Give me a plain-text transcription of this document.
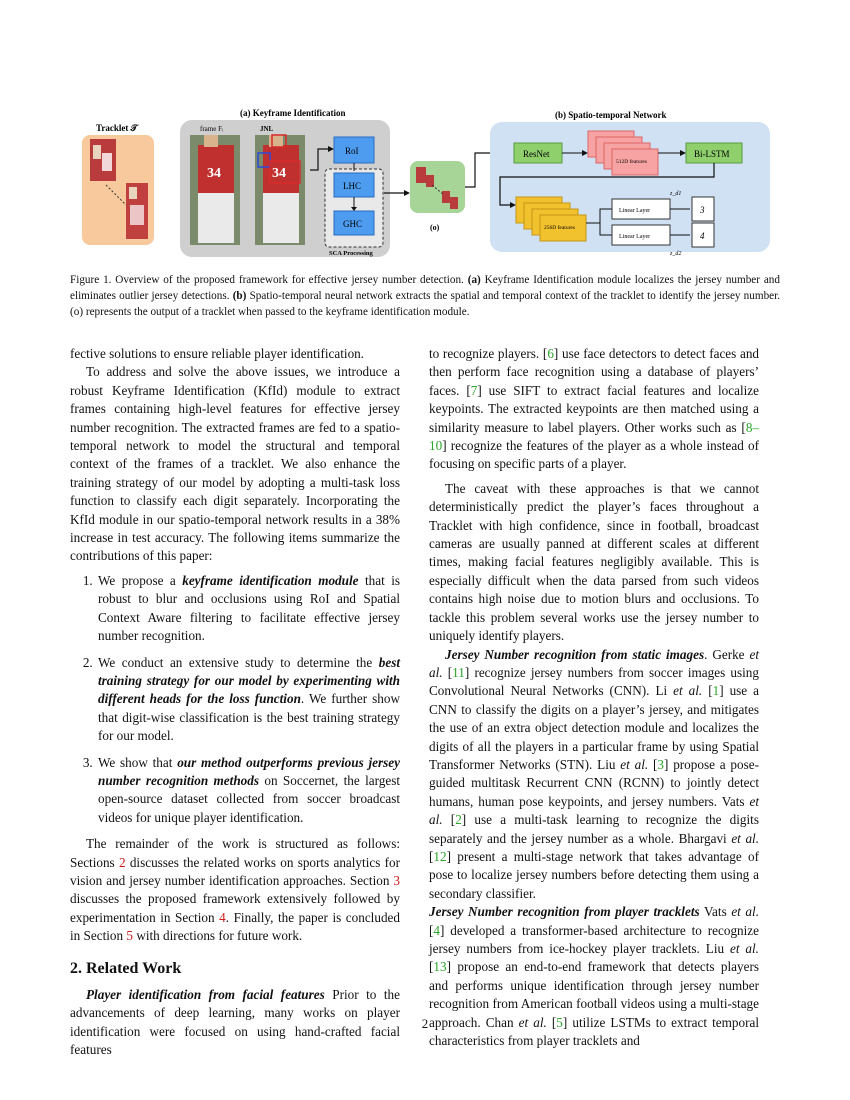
Tracklet 𝒯
(a) Keyframe Identification
frame Fᵢ	JNL
34	34
RoI
LHC
GHC
SCA Processing
(o)
(b) Spatio-temporal Network
ResNet
512D features
Bi-LSTM
256D features
Linear Layer
Linear Layer
z_d1
z_d2
3
4
Figure 1. Overview of the proposed framework for effective jersey number detection. (a) Keyframe Identification module localizes the jersey number and eliminates outlier jersey detections. (b) Spatio-temporal neural network extracts the spatial and temporal context of the tracklet to identify the jersey number. (o) represents the output of a tracklet when passed to the keyframe identification module.

fective solutions to ensure reliable player identification.

To address and solve the above issues, we introduce a robust Keyframe Identification (KfId) module to extract frames containing high-level features for effective jersey number recognition. The extracted frames are fed to a spatio-temporal network to model the structural and temporal context of the frames of a tracklet. We also enhance the training strategy of our model by adopting a multi-task loss function to classify each digit separately. Incorporating the KfId module in our spatio-temporal network results in a 38% increase in test accuracy. The following items summarize the contributions of this paper:

1. We propose a keyframe identification module that is robust to blur and occlusions using RoI and Spatial Context Aware filtering to facilitate effective jersey number recognition.
2. We conduct an extensive study to determine the best training strategy for our model by experimenting with different heads for the loss function. We further show that digit-wise classification is the best training strategy for our model.
3. We show that our method outperforms previous jersey number recognition methods on Soccernet, the largest open-source dataset collected from soccer broadcast videos for unique player identification.

The remainder of the work is structured as follows: Sections 2 discusses the related works on sports analytics for vision and jersey number identification approaches. Section 3 discusses the proposed framework extensively followed by experimentation in Section 4. Finally, the paper is concluded in Section 5 with directions for future work.

2. Related Work

Player identification from facial features Prior to the advancements of deep learning, many works on player identification were focused on using hand-crafted facial features

to recognize players. [6] use face detectors to detect faces and then perform face recognition using a database of players’ faces. [7] use SIFT to extract facial features and localize keypoints. The extracted keypoints are then matched using a similarity measure to label players. Other works such as [8–10] recognize the features of the player as a whole instead of focusing on specific parts of a player.

The caveat with these approaches is that we cannot deterministically predict the player’s faces throughout a Tracklet with high confidence, since in football, broadcast cameras are usually panned at different scales at different times, making facial features negligibly available. This is especially difficult when the data parsed from such videos contains high noise due to motion blurs and occlusions. To tackle this problem several works use the jersey number to uniquely identify players.

Jersey Number recognition from static images. Gerke et al. [11] recognize jersey numbers from soccer images using Convolutional Neural Networks (CNN). Li et al. [1] use a CNN to classify the digits on a player’s jersey, and mitigates the use of an extra object detection module and localizes the digits of all the players in a particular frame by using Spatial Transformer Networks (STN). Liu et al. [3] propose a pose-guided multitask Recurrent CNN (RCNN) to jointly detect humans, human pose keypoints, and jersey numbers. Vats et al. [2] use a multi-task learning to recognize the digits separately and the jersey number as a whole. Bhargavi et al. [12] present a multi-stage network that takes advantage of pose to localize jersey numbers before detecting them using a secondary classifier.

Jersey Number recognition from player tracklets Vats et al. [4] developed a transformer-based architecture to recognize jersey numbers from ice-hockey player tracklets. Liu et al. [13] propose an end-to-end framework that detects players and performs unique identification through jersey number recognition from American football videos using a multi-stage approach. Chan et al. [5] utilize LSTMs to extract temporal characteristics from player tracklets and

2
